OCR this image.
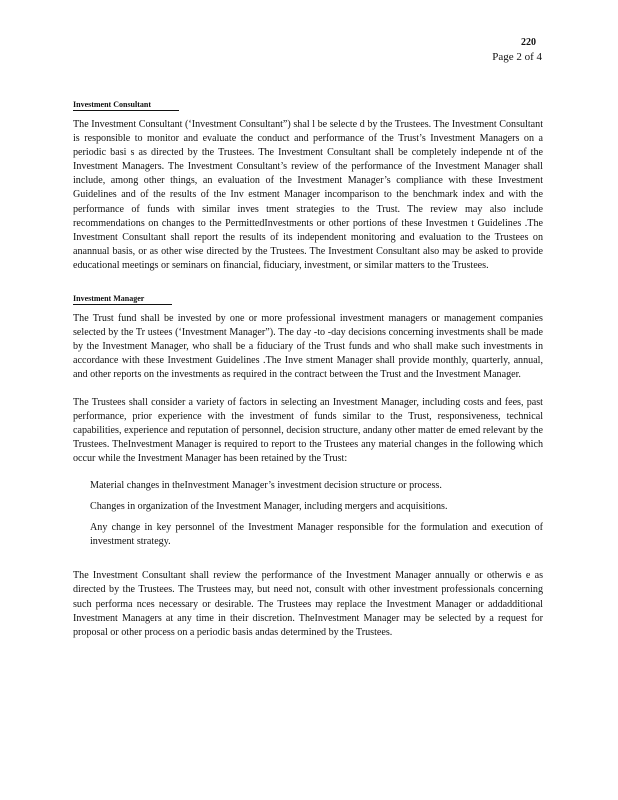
220
Page 2 of 4
Investment Consultant

The Investment Consultant (‘Investment Consultant”) shal l be selecte d by the Trustees. The Investment Consultant is responsible to monitor and evaluate the conduct and performance of the Trust’s Investment Managers on a periodic basi s as directed by the Trustees. The Investment Consultant shall be completely independe nt of the Investment Managers. The Investment Consultant’s review of the performance of the Investment Manager shall include, among other things, an evaluation of the Investment Manager’s compliance with these Investment Guidelines and of the results of the Inv estment Manager incomparison to the benchmark index and with the performance of funds with similar inves tment strategies to the Trust. The review may also include recommendations on changes to the PermittedInvestments or other portions of these Investmen t Guidelines .The Investment Consultant shall report the results of its independent monitoring and evaluation to the Trustees on anannual basis, or as other wise directed by the Trustees. The Investment Consultant also may be asked to provide educational meetings or seminars on financial, fiduciary, investment, or similar matters to the Trustees.

Investment Manager

The Trust fund shall be invested by one or more professional investment managers or management companies selected by the Tr ustees (‘Investment Manager”). The day -to -day decisions concerning investments shall be made by the Investment Manager, who shall be a fiduciary of the Trust funds and who shall make such investments in accordance with these Investment Guidelines .The Inve stment Manager shall provide monthly, quarterly, annual, and other reports on the investments as required in the contract between the Trust and the Investment Manager.

The Trustees shall consider a variety of factors in selecting an Investment Manager, including costs and fees, past performance, prior experience with the investment of funds similar to the Trust, responsiveness, technical capabilities, experience and reputation of personnel, decision structure, andany other matter de emed relevant by the Trustees. TheInvestment Manager is required to report to the Trustees any material changes in the following which occur while the Investment Manager has been retained by the Trust:

Material changes in theInvestment Manager’s investment decision structure or process.
Changes in organization of the Investment Manager, including mergers and acquisitions.
Any change in key personnel of the Investment Manager responsible for the formulation and execution of investment strategy.

The Investment Consultant shall review the performance of the Investment Manager annually or otherwis e as directed by the Trustees. The Trustees may, but need not, consult with other investment professionals concerning such performa nces necessary or desirable. The Trustees may replace the Investment Manager or addadditional Investment Managers at any time in their discretion. TheInvestment Manager may be selected by a request for proposal or other process on a periodic basis andas determined by the Trustees.
